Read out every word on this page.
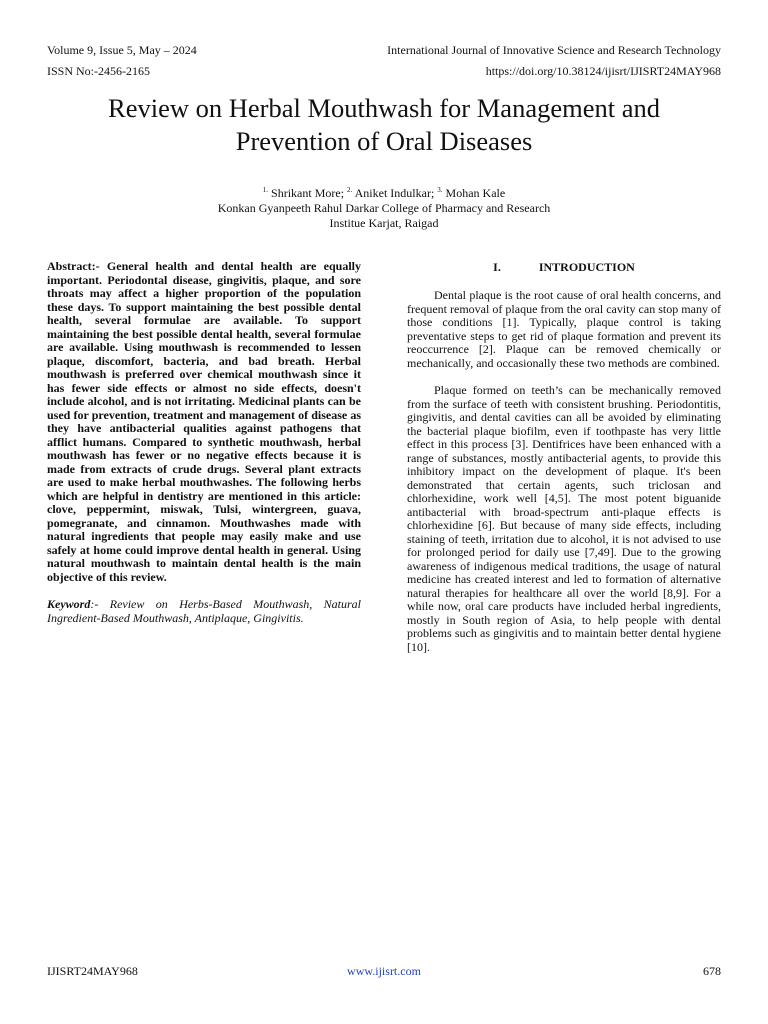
Volume 9, Issue 5, May – 2024	International Journal of Innovative Science and Research Technology
ISSN No:-2456-2165	https://doi.org/10.38124/ijisrt/IJISRT24MAY968
Review on Herbal Mouthwash for Management and
Prevention of Oral Diseases
$^{1.}$ Shrikant More; $^{2.}$ Aniket Indulkar; $^{3.}$ Mohan Kale
Konkan Gyanpeeth Rahul Darkar College of Pharmacy and Research
Institue Karjat, Raigad

Abstract:- General health and dental health are equally important. Periodontal disease, gingivitis, plaque, and sore throats may affect a higher proportion of the population these days. To support maintaining the best possible dental health, several formulae are available. To support maintaining the best possible dental health, several formulae are available. Using mouthwash is recommended to lessen plaque, discomfort, bacteria, and bad breath. Herbal mouthwash is preferred over chemical mouthwash since it has fewer side effects or almost no side effects, doesn't include alcohol, and is not irritating. Medicinal plants can be used for prevention, treatment and management of disease as they have antibacterial qualities against pathogens that afflict humans. Compared to synthetic mouthwash, herbal mouthwash has fewer or no negative effects because it is made from extracts of crude drugs. Several plant extracts are used to make herbal mouthwashes. The following herbs which are helpful in dentistry are mentioned in this article: clove, peppermint, miswak, Tulsi, wintergreen, guava, pomegranate, and cinnamon. Mouthwashes made with natural ingredients that people may easily make and use safely at home could improve dental health in general. Using natural mouthwash to maintain dental health is the main objective of this review.

Keyword:- Review on Herbs-Based Mouthwash, Natural Ingredient-Based Mouthwash, Antiplaque, Gingivitis.

I.	INTRODUCTION

Dental plaque is the root cause of oral health concerns, and frequent removal of plaque from the oral cavity can stop many of those conditions [1]. Typically, plaque control is taking preventative steps to get rid of plaque formation and prevent its reoccurrence [2]. Plaque can be removed chemically or mechanically, and occasionally these two methods are combined.

Plaque formed on teeth’s can be mechanically removed from the surface of teeth with consistent brushing. Periodontitis, gingivitis, and dental cavities can all be avoided by eliminating the bacterial plaque biofilm, even if toothpaste has very little effect in this process [3]. Dentifrices have been enhanced with a range of substances, mostly antibacterial agents, to provide this inhibitory impact on the development of plaque. It's been demonstrated that certain agents, such triclosan and chlorhexidine, work well [4,5]. The most potent biguanide antibacterial with broad-spectrum anti-plaque effects is chlorhexidine [6]. But because of many side effects, including staining of teeth, irritation due to alcohol, it is not advised to use for prolonged period for daily use [7,49]. Due to the growing awareness of indigenous medical traditions, the usage of natural medicine has created interest and led to formation of alternative natural therapies for healthcare all over the world [8,9]. For a while now, oral care products have included herbal ingredients, mostly in South region of Asia, to help people with dental problems such as gingivitis and to maintain better dental hygiene [10].

IJISRT24MAY968	www.ijisrt.com	678
